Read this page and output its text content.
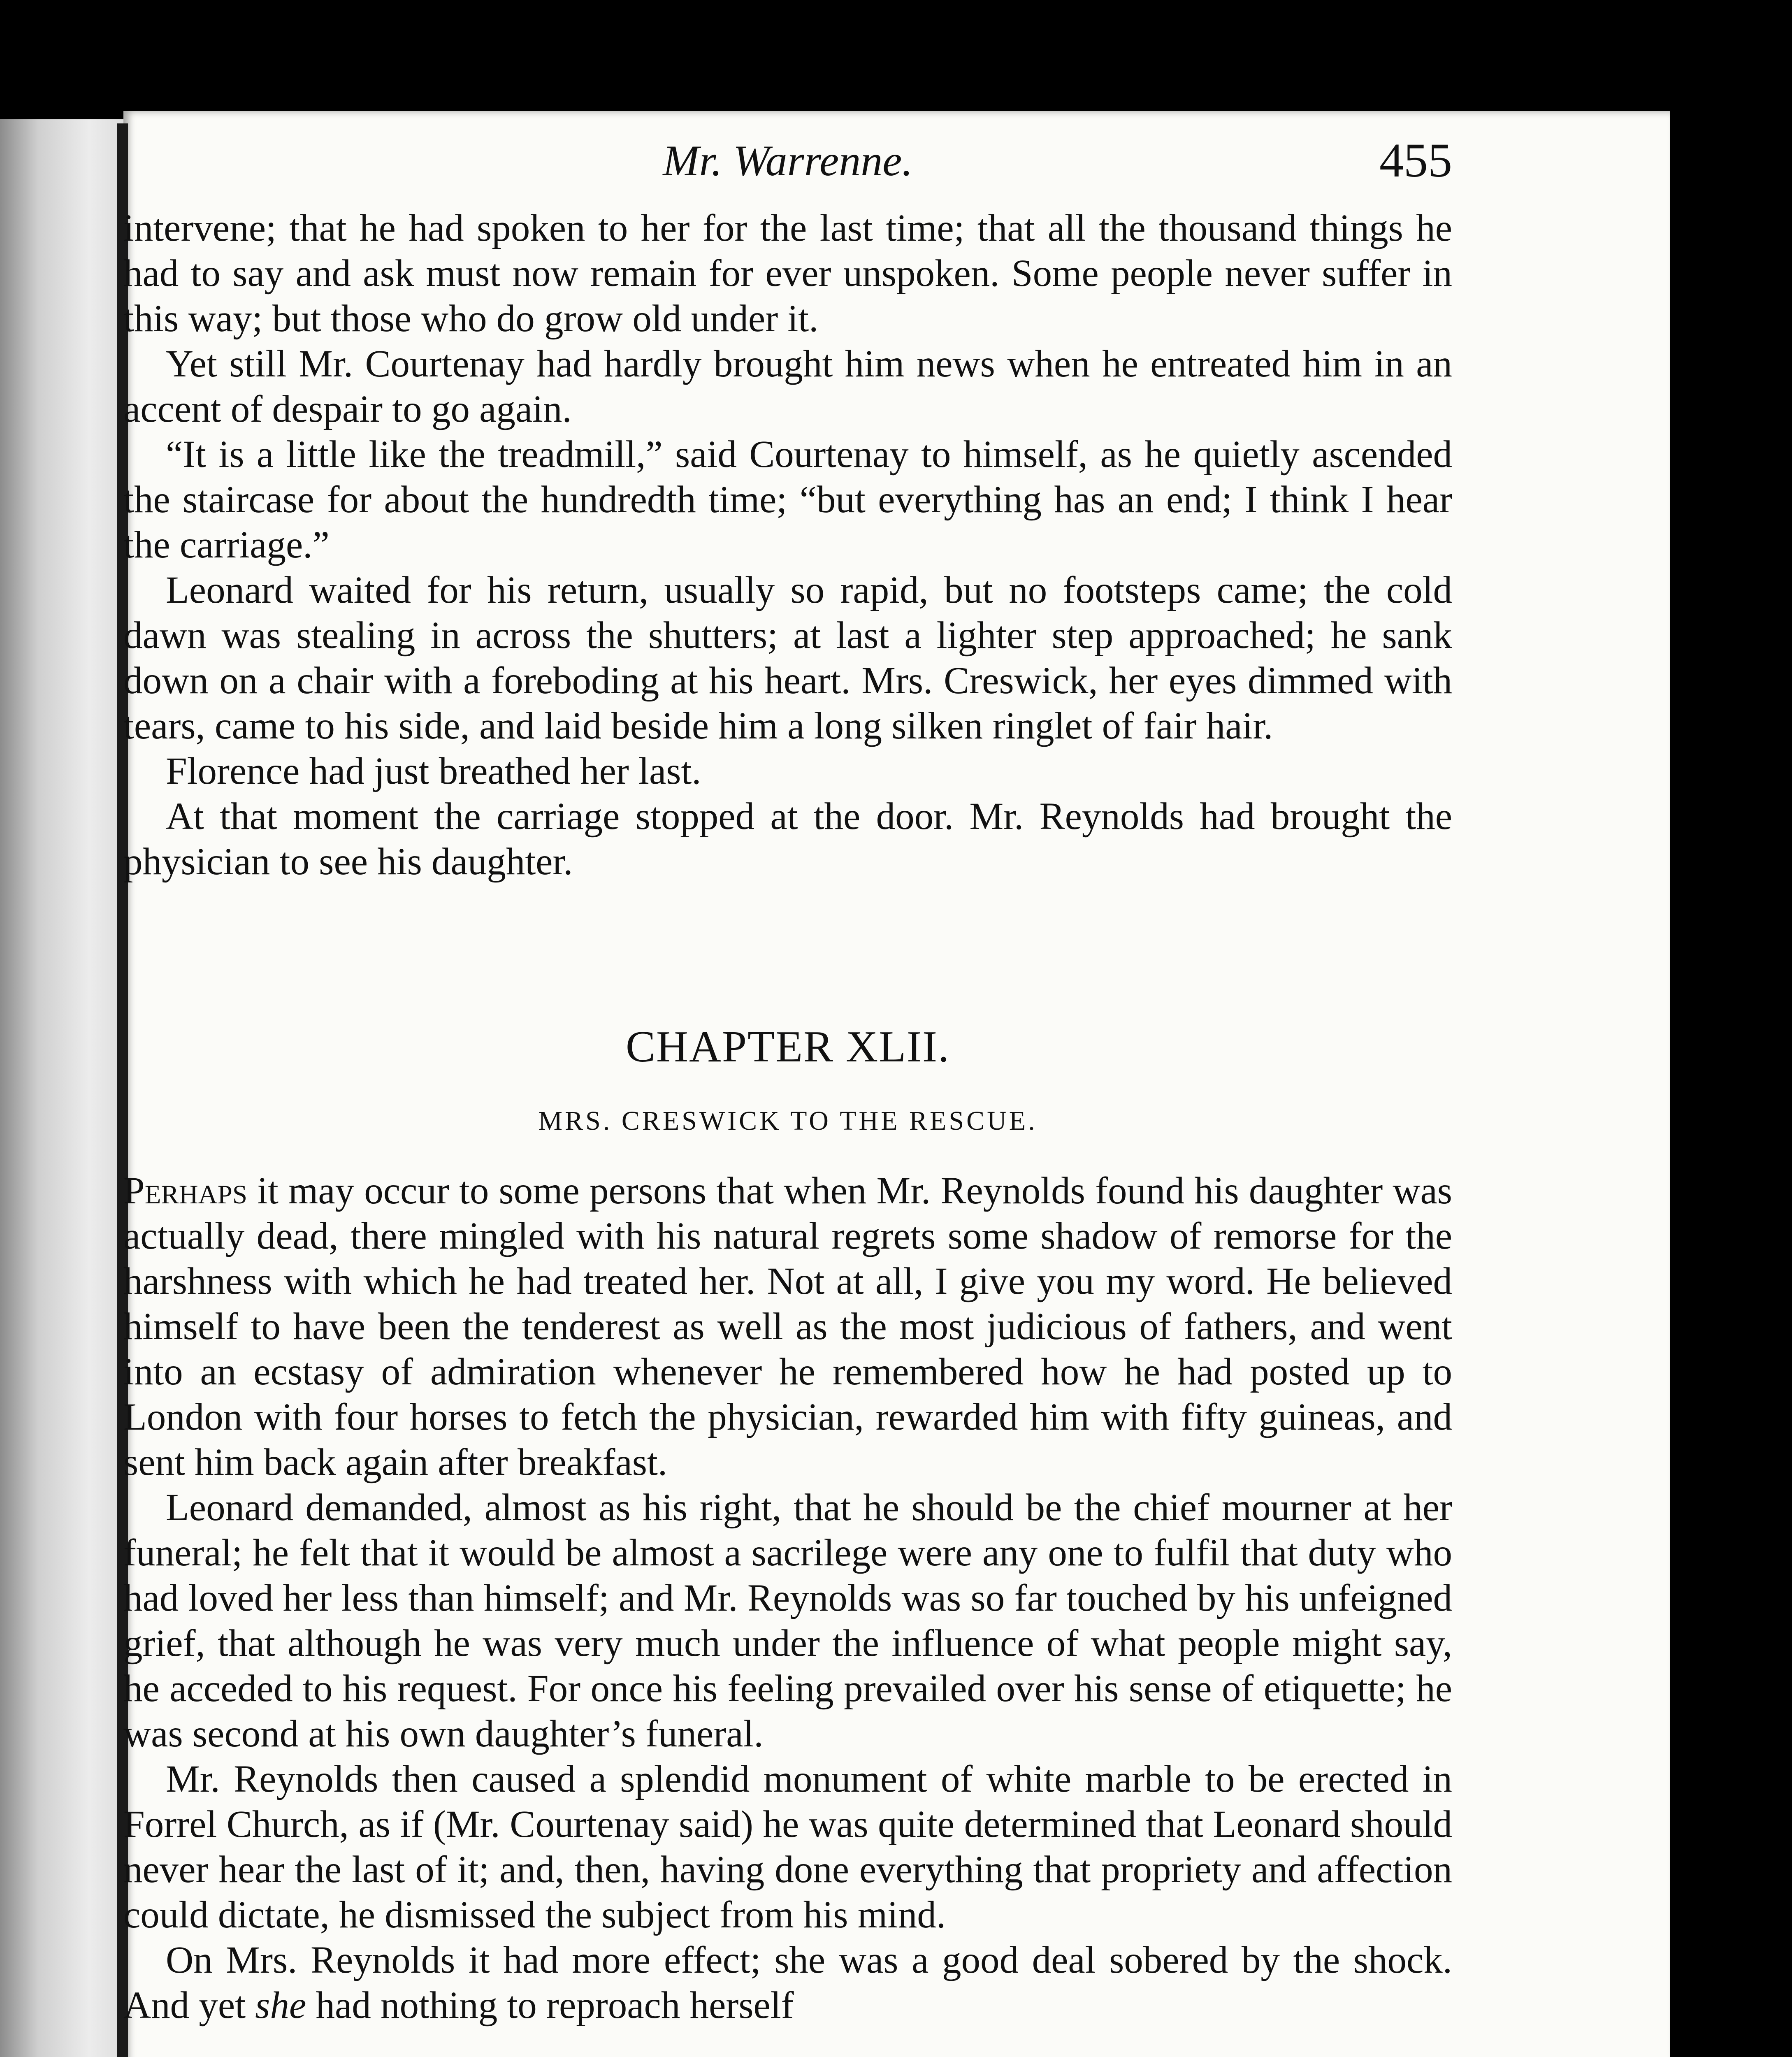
Mr. Warrenne.	455

intervene; that he had spoken to her for the last time; that all the thousand things he had to say and ask must now remain for ever unspoken. Some people never suffer in this way; but those who do grow old under it.

Yet still Mr. Courtenay had hardly brought him news when he entreated him in an accent of despair to go again.

“It is a little like the treadmill,” said Courtenay to himself, as he quietly ascended the staircase for about the hundredth time; “but everything has an end; I think I hear the carriage.”

Leonard waited for his return, usually so rapid, but no footsteps came; the cold dawn was stealing in across the shutters; at last a lighter step approached; he sank down on a chair with a foreboding at his heart. Mrs. Creswick, her eyes dimmed with tears, came to his side, and laid beside him a long silken ringlet of fair hair.

Florence had just breathed her last.

At that moment the carriage stopped at the door. Mr. Reynolds had brought the physician to see his daughter.

CHAPTER XLII.
MRS. CRESWICK TO THE RESCUE.

Perhaps it may occur to some persons that when Mr. Reynolds found his daughter was actually dead, there mingled with his natural regrets some shadow of remorse for the harshness with which he had treated her. Not at all, I give you my word. He believed himself to have been the tenderest as well as the most judicious of fathers, and went into an ecstasy of admiration whenever he remembered how he had posted up to London with four horses to fetch the physician, rewarded him with fifty guineas, and sent him back again after breakfast.

Leonard demanded, almost as his right, that he should be the chief mourner at her funeral; he felt that it would be almost a sacrilege were any one to fulfil that duty who had loved her less than himself; and Mr. Reynolds was so far touched by his unfeigned grief, that although he was very much under the influence of what people might say, he acceded to his request. For once his feeling prevailed over his sense of etiquette; he was second at his own daughter’s funeral.

Mr. Reynolds then caused a splendid monument of white marble to be erected in Forrel Church, as if (Mr. Courtenay said) he was quite determined that Leonard should never hear the last of it; and, then, having done everything that propriety and affection could dictate, he dismissed the subject from his mind.

On Mrs. Reynolds it had more effect; she was a good deal sobered by the shock. And yet she had nothing to reproach herself
